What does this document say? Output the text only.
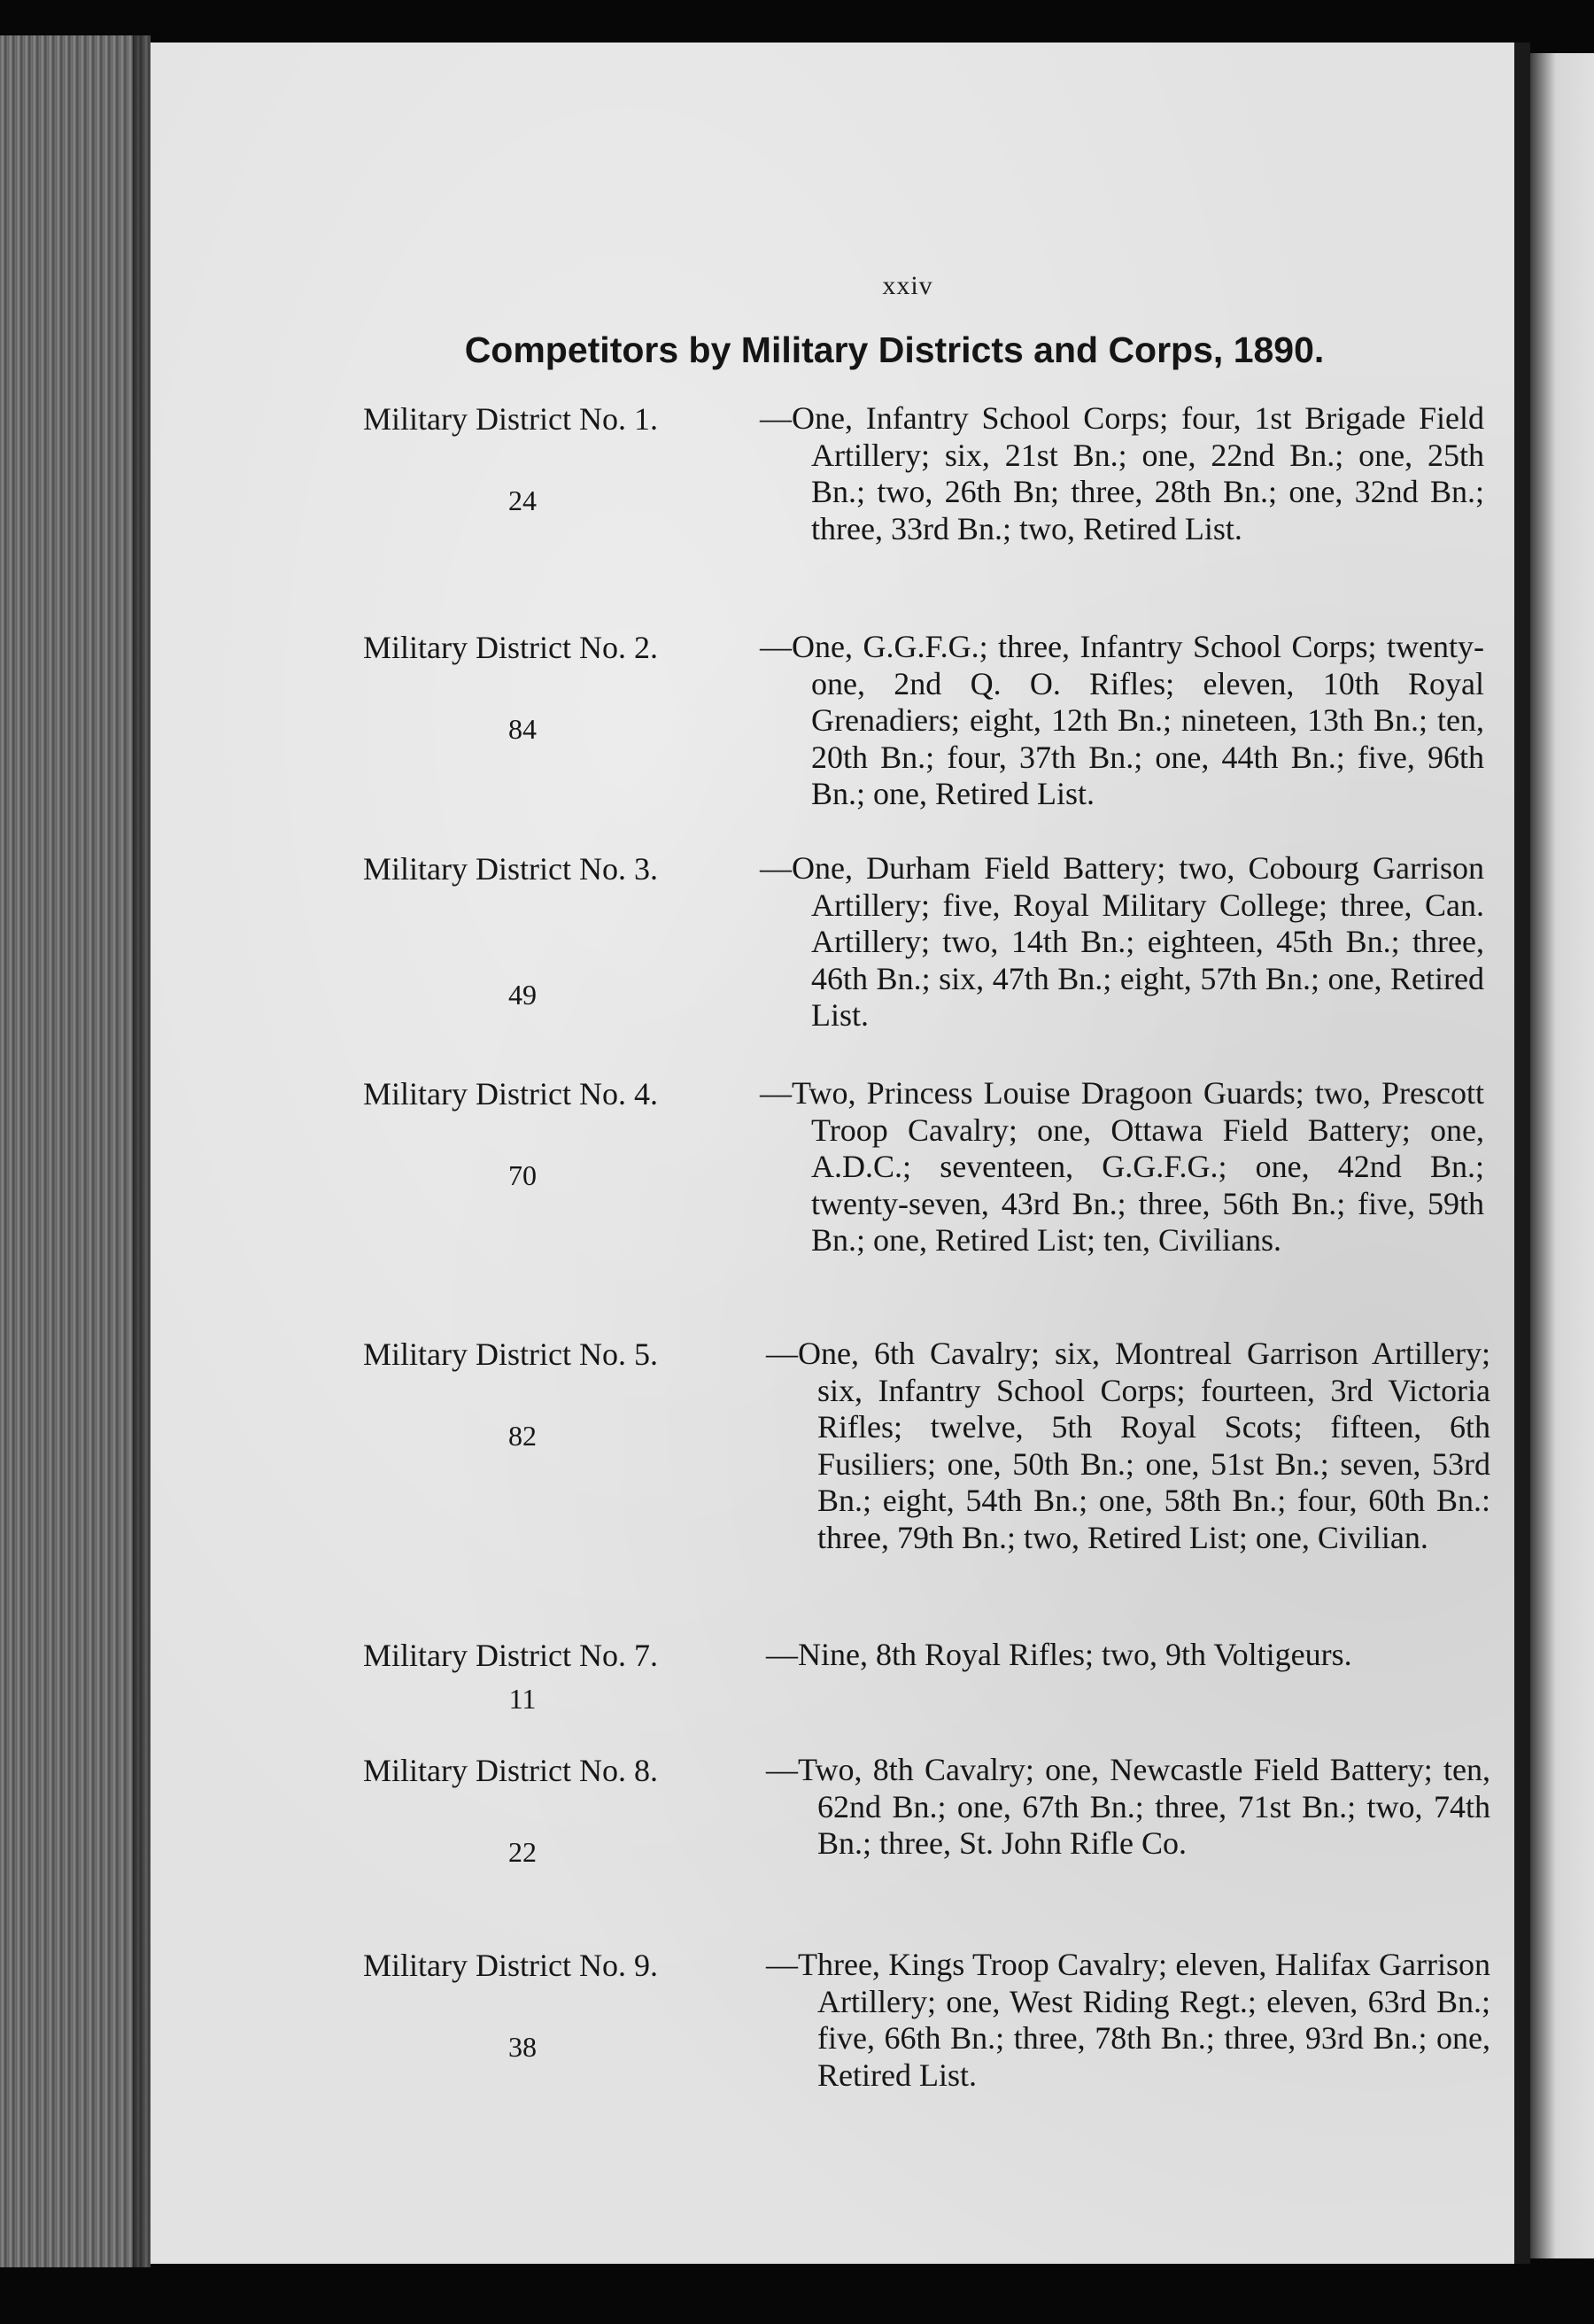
xxiv
Competitors by Military Districts and Corps, 1890.
Military District No. 1.
24
—One, Infantry School Corps; four, 1st Brigade Field Artillery; six, 21st Bn.; one, 22nd Bn.; one, 25th Bn.; two, 26th Bn; three, 28th Bn.; one, 32nd Bn.; three, 33rd Bn.; two, Retired List.
Military District No. 2.
84
—One, G.G.F.G.; three, Infantry School Corps; twenty-one, 2nd Q. O. Rifles; eleven, 10th Royal Grenadiers; eight, 12th Bn.; nineteen, 13th Bn.; ten, 20th Bn.; four, 37th Bn.; one, 44th Bn.; five, 96th Bn.; one, Retired List.
Military District No. 3.
49
—One, Durham Field Battery; two, Cobourg Garrison Artillery; five, Royal Military College; three, Can. Artillery; two, 14th Bn.; eighteen, 45th Bn.; three, 46th Bn.; six, 47th Bn.; eight, 57th Bn.; one, Retired List.
Military District No. 4.
70
—Two, Princess Louise Dragoon Guards; two, Prescott Troop Cavalry; one, Ottawa Field Battery; one, A.D.C.; seventeen, G.G.F.G.; one, 42nd Bn.; twenty-seven, 43rd Bn.; three, 56th Bn.; five, 59th Bn.; one, Retired List; ten, Civilians.
Military District No. 5.
82
—One, 6th Cavalry; six, Montreal Garrison Artillery; six, Infantry School Corps; fourteen, 3rd Victoria Rifles; twelve, 5th Royal Scots; fifteen, 6th Fusiliers; one, 50th Bn.; one, 51st Bn.; seven, 53rd Bn.; eight, 54th Bn.; one, 58th Bn.; four, 60th Bn.: three, 79th Bn.; two, Retired List; one, Civilian.
Military District No. 7.
11
—Nine, 8th Royal Rifles; two, 9th Voltigeurs.
Military District No. 8.
22
—Two, 8th Cavalry; one, Newcastle Field Battery; ten, 62nd Bn.; one, 67th Bn.; three, 71st Bn.; two, 74th Bn.; three, St. John Rifle Co.
Military District No. 9.
38
—Three, Kings Troop Cavalry; eleven, Halifax Garrison Artillery; one, West Riding Regt.; eleven, 63rd Bn.; five, 66th Bn.; three, 78th Bn.; three, 93rd Bn.; one, Retired List.
